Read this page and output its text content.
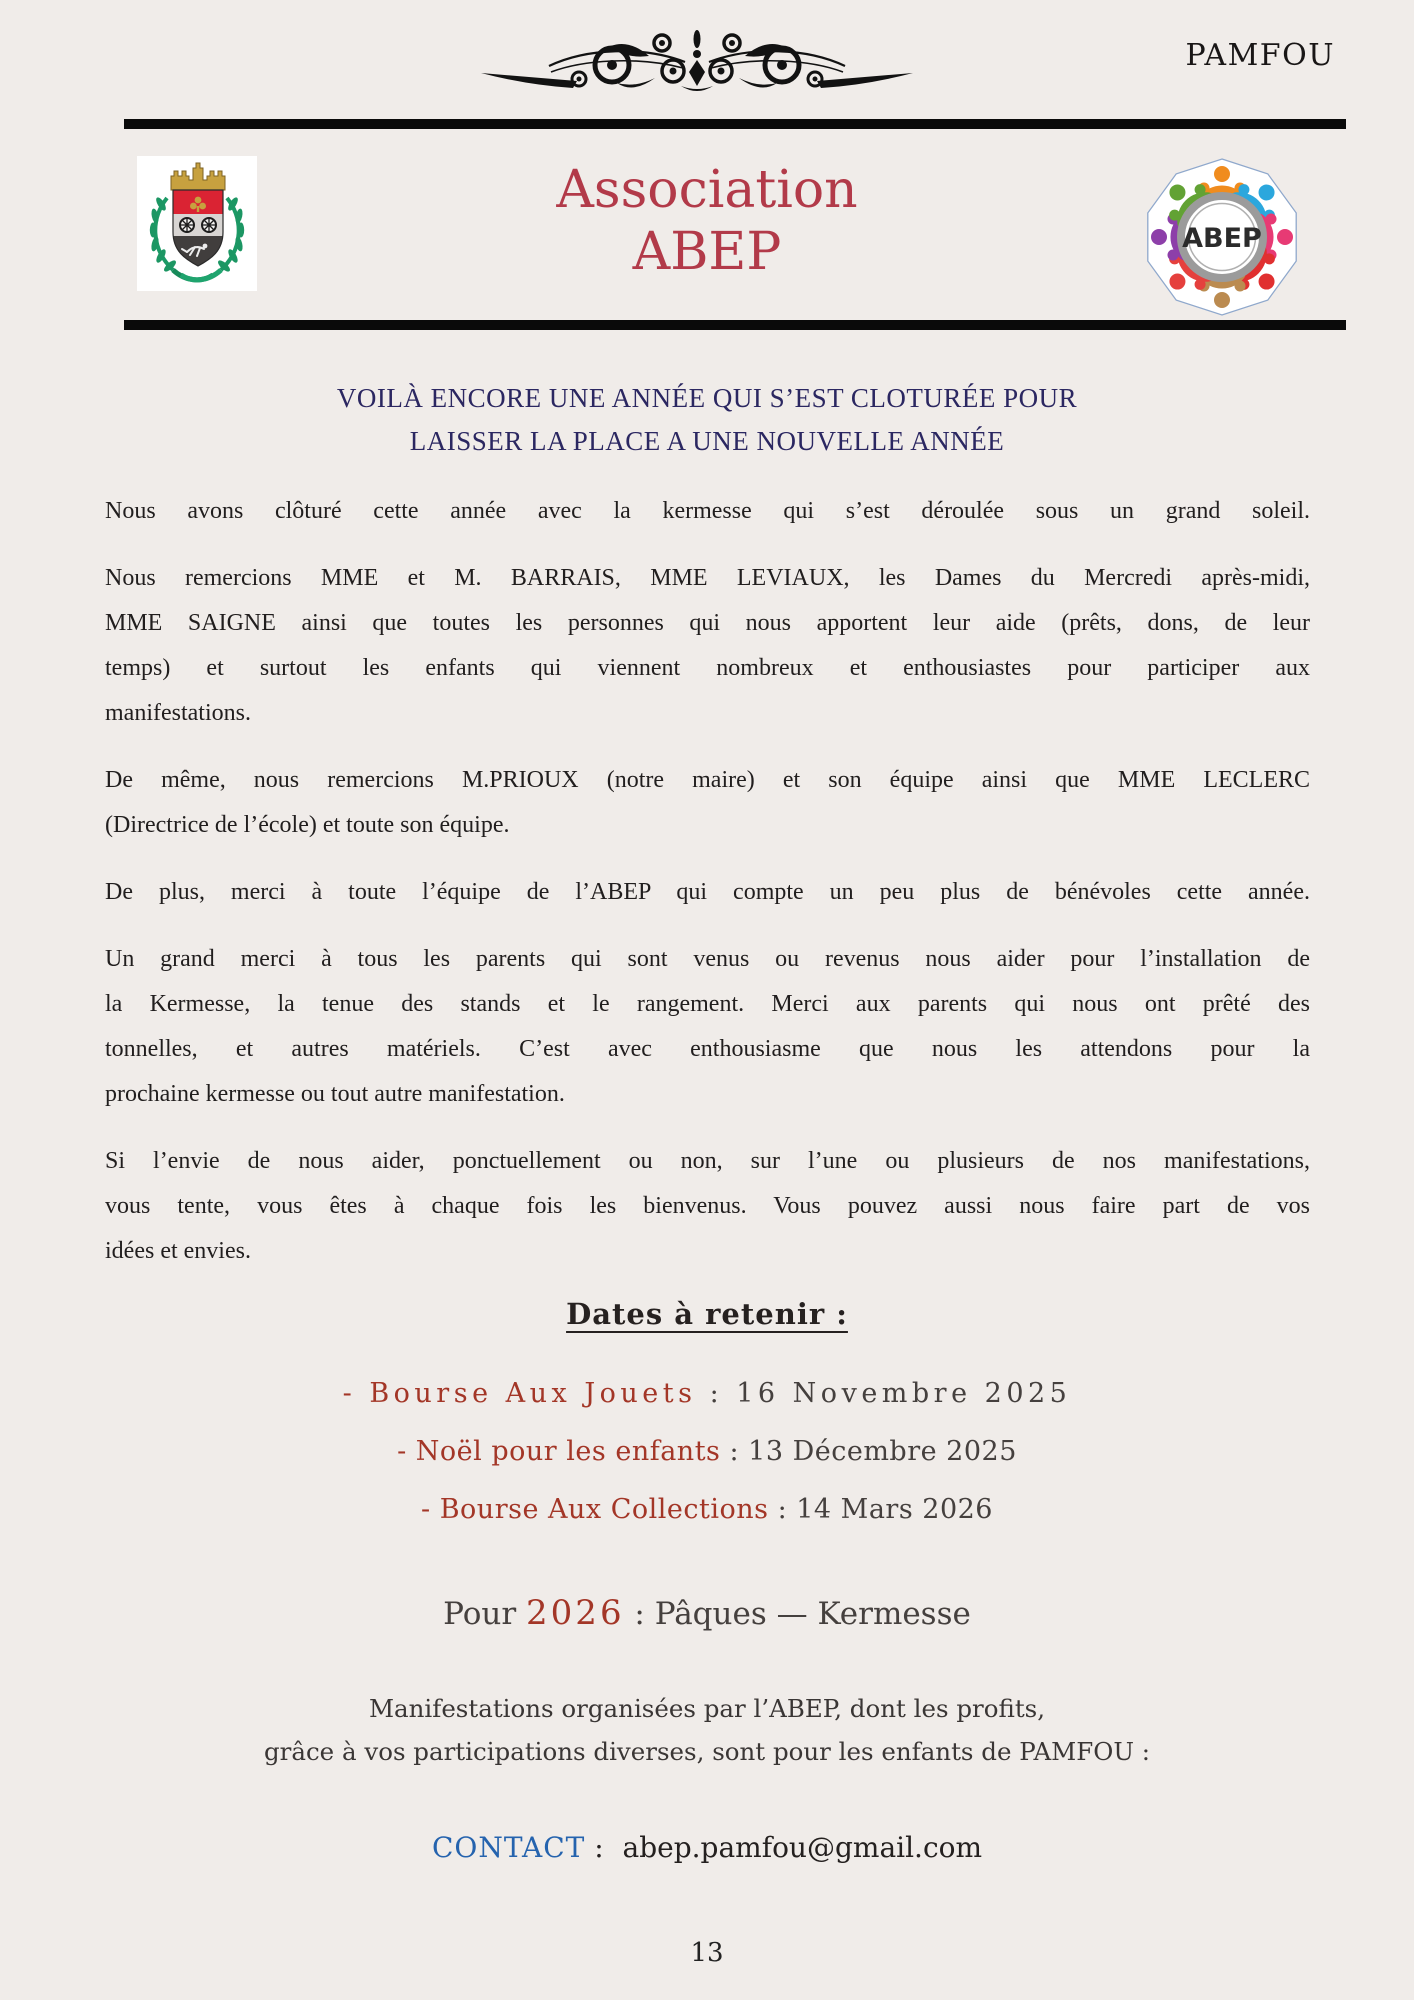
PAMFOU
Association
ABEP	ABEP
VOILÀ ENCORE UNE ANNÉE QUI S’EST CLOTURÉE POUR
LAISSER LA PLACE A UNE NOUVELLE ANNÉE
Nous avons clôturé cette année avec la kermesse qui s’est déroulée sous un grand soleil.
Nous remercions MME et M. BARRAIS, MME LEVIAUX, les Dames du Mercredi après-midi,
MME SAIGNE ainsi que toutes les personnes qui nous apportent leur aide (prêts, dons, de leur
temps) et surtout les enfants qui viennent nombreux et enthousiastes pour participer aux
manifestations.
De même, nous remercions M.PRIOUX (notre maire) et son équipe ainsi que MME LECLERC
(Directrice de l’école) et toute son équipe.
De plus, merci à toute l’équipe de l’ABEP qui compte un peu plus de bénévoles cette année.
Un grand merci à tous les parents qui sont venus ou revenus nous aider pour l’installation de
la Kermesse, la tenue des stands et le rangement. Merci aux parents qui nous ont prêté des
tonnelles, et autres matériels. C’est avec enthousiasme que nous les attendons pour la
prochaine kermesse ou tout autre manifestation.
Si l’envie de nous aider, ponctuellement ou non, sur l’une ou plusieurs de nos manifestations,
vous tente, vous êtes à chaque fois les bienvenus. Vous pouvez aussi nous faire part de vos
idées et envies.
Dates à retenir :
- Bourse Aux Jouets : 16 Novembre 2025
- Noël pour les enfants : 13 Décembre 2025
- Bourse Aux Collections : 14 Mars 2026
Pour 2026 : Pâques — Kermesse
Manifestations organisées par l’ABEP, dont les profits,
grâce à vos participations diverses, sont pour les enfants de PAMFOU :
CONTACT : abep.pamfou@gmail.com
13
